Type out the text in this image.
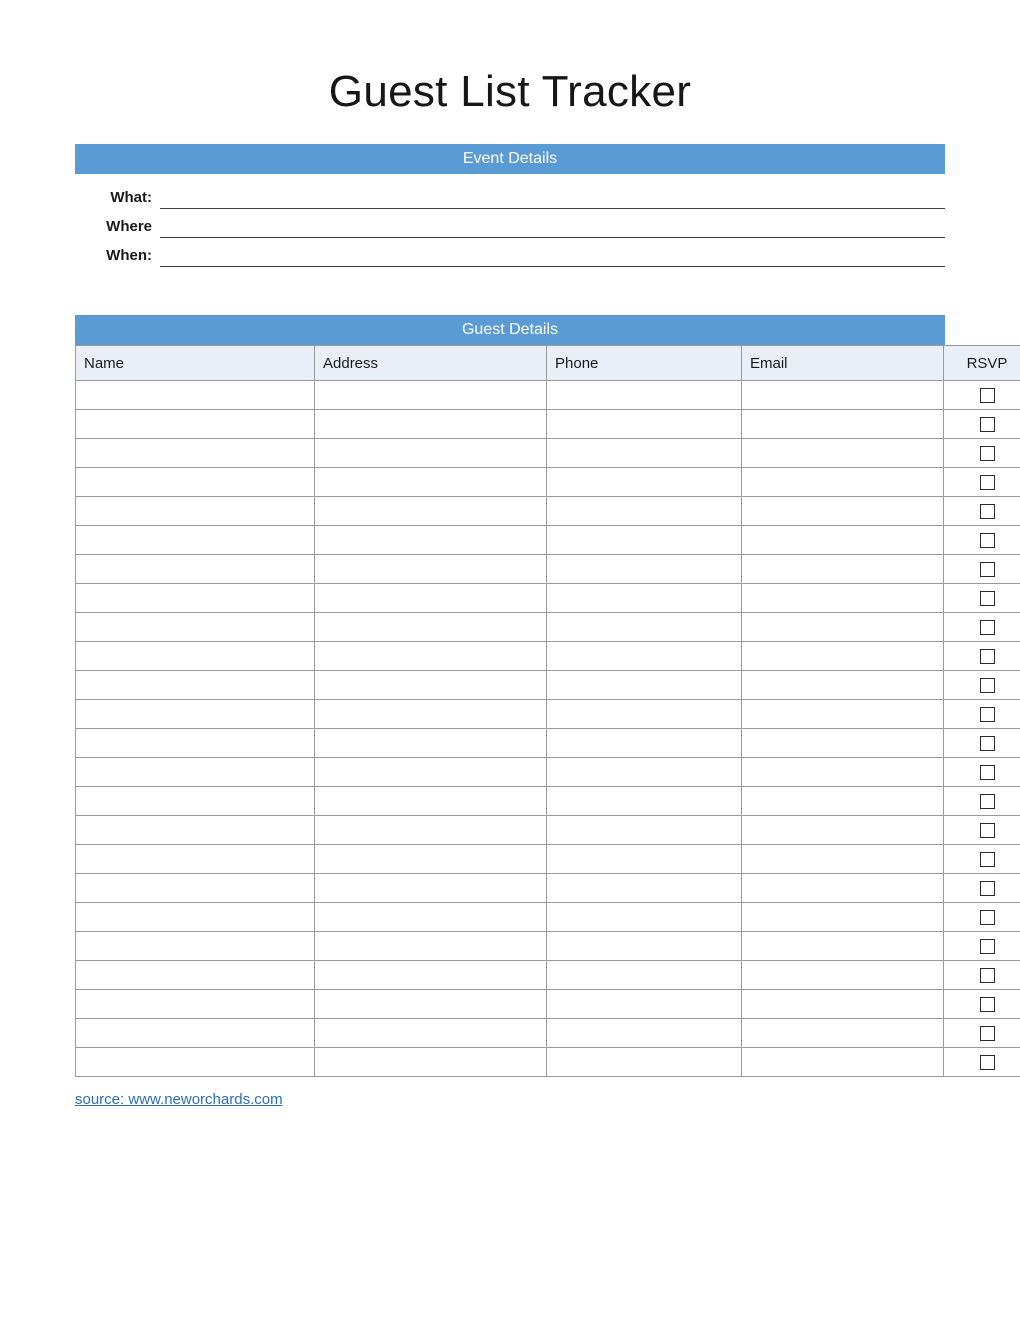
Guest List Tracker
Event Details
What:
Where
When:
Guest Details
Name	Address	Phone	Email	RSVP

source: www.neworchards.com
